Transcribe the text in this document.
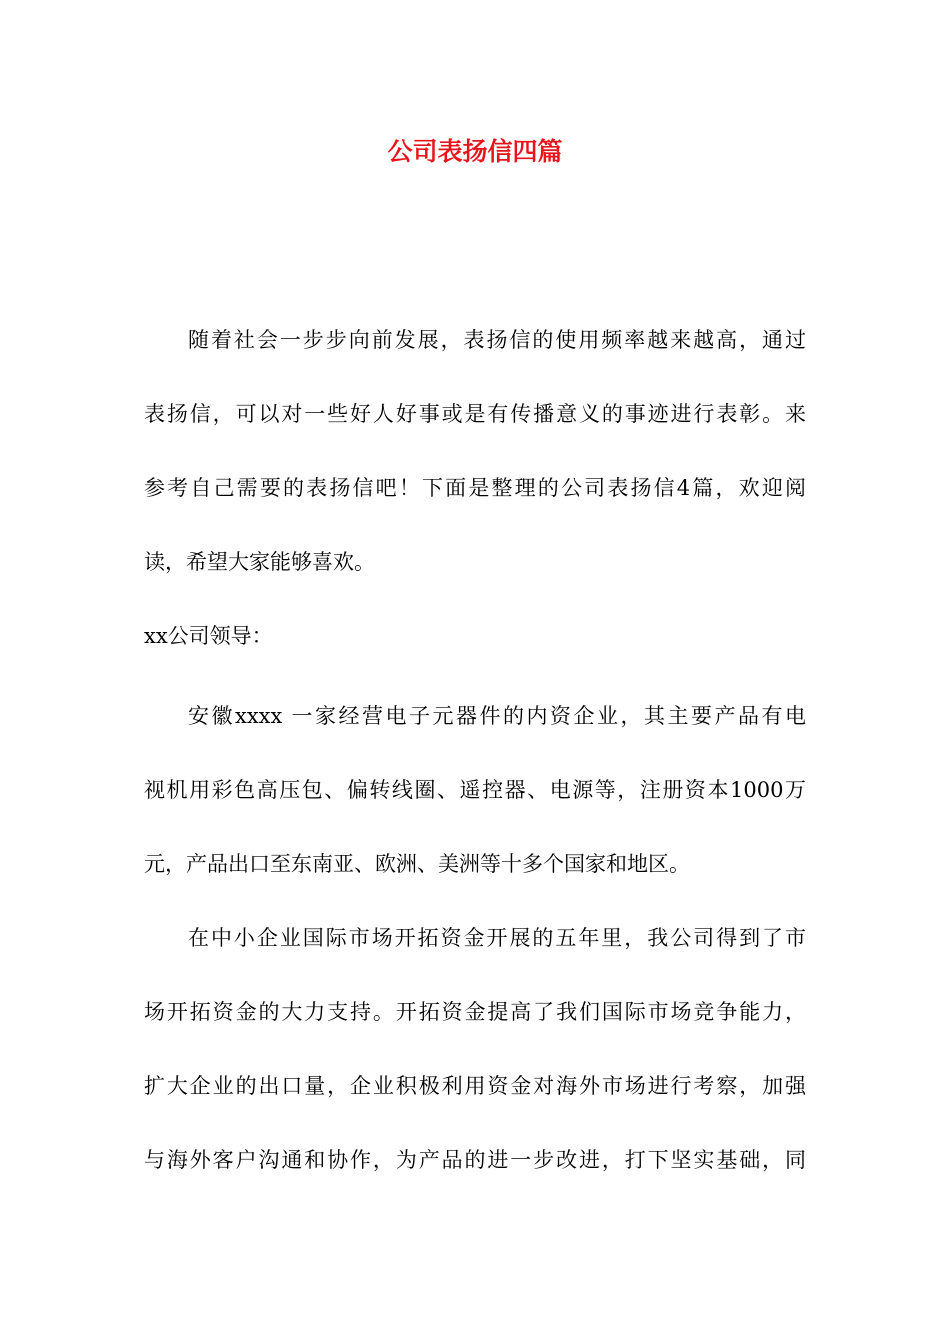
公司表扬信四篇
随着社会一步步向前发展，表扬信的使用频率越来越高，通过
表扬信，可以对一些好人好事或是有传播意义的事迹进行表彰。来
参考自己需要的表扬信吧！下面是整理的公司表扬信4篇，欢迎阅
读，希望大家能够喜欢。
xx公司领导：
安徽xxxx 一家经营电子元器件的内资企业，其主要产品有电
视机用彩色高压包、偏转线圈、遥控器、电源等，注册资本1000万
元，产品出口至东南亚、欧洲、美洲等十多个国家和地区。
在中小企业国际市场开拓资金开展的五年里，我公司得到了市
场开拓资金的大力支持。开拓资金提高了我们国际市场竞争能力，
扩大企业的出口量，企业积极利用资金对海外市场进行考察，加强
与海外客户沟通和协作，为产品的进一步改进，打下坚实基础，同
